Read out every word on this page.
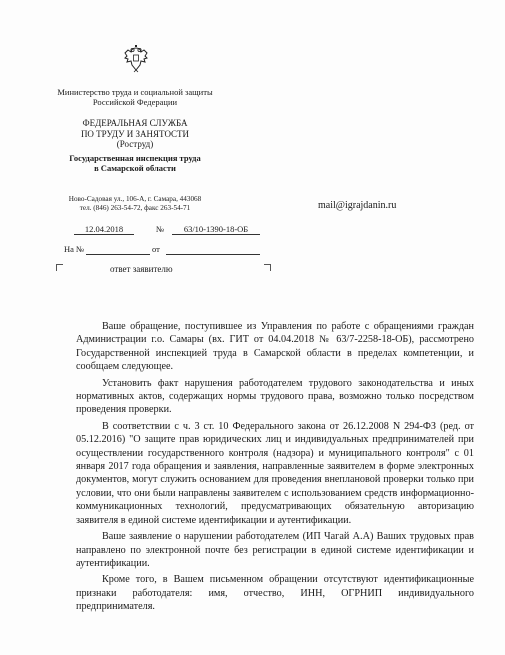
Министерство труда и социальной защиты
Российской Федерации
ФЕДЕРАЛЬНАЯ СЛУЖБА
ПО ТРУДУ И ЗАНЯТОСТИ
(Роструд)
Государственная инспекция труда
в Самарской области
Ново-Садовая ул., 106-А, г. Самара, 443068
тел. (846) 263-54-72, факс 263-54-71	mail@igrajdanin.ru
12.04.2018	№	63/10-1390-18-ОБ
На №	от
ответ заявителю

Ваше обращение, поступившее из Управления по работе с обращениями граждан Администрации г.о. Самары (вх. ГИТ от 04.04.2018 № 63/7-2258-18-ОБ), рассмотрено Государственной инспекцией труда в Самарской области в пределах компетенции, и сообщаем следующее.

Установить факт нарушения работодателем трудового законодательства и иных нормативных актов, содержащих нормы трудового права, возможно только посредством проведения проверки.

В соответствии с ч. 3 ст. 10 Федерального закона от 26.12.2008 N 294-ФЗ (ред. от 05.12.2016) "О защите прав юридических лиц и индивидуальных предпринимателей при осуществлении государственного контроля (надзора) и муниципального контроля" с 01 января 2017 года обращения и заявления, направленные заявителем в форме электронных документов, могут служить основанием для проведения внеплановой проверки только при условии, что они были направлены заявителем с использованием средств информационно-коммуникационных технологий, предусматривающих обязательную авторизацию заявителя в единой системе идентификации и аутентификации.

Ваше заявление о нарушении работодателем (ИП Чагай А.А) Ваших трудовых прав направлено по электронной почте без регистрации в единой системе идентификации и аутентификации.

Кроме того, в Вашем письменном обращении отсутствуют идентификационные признаки работодателя: имя, отчество, ИНН, ОГРНИП индивидуального предпринимателя.
